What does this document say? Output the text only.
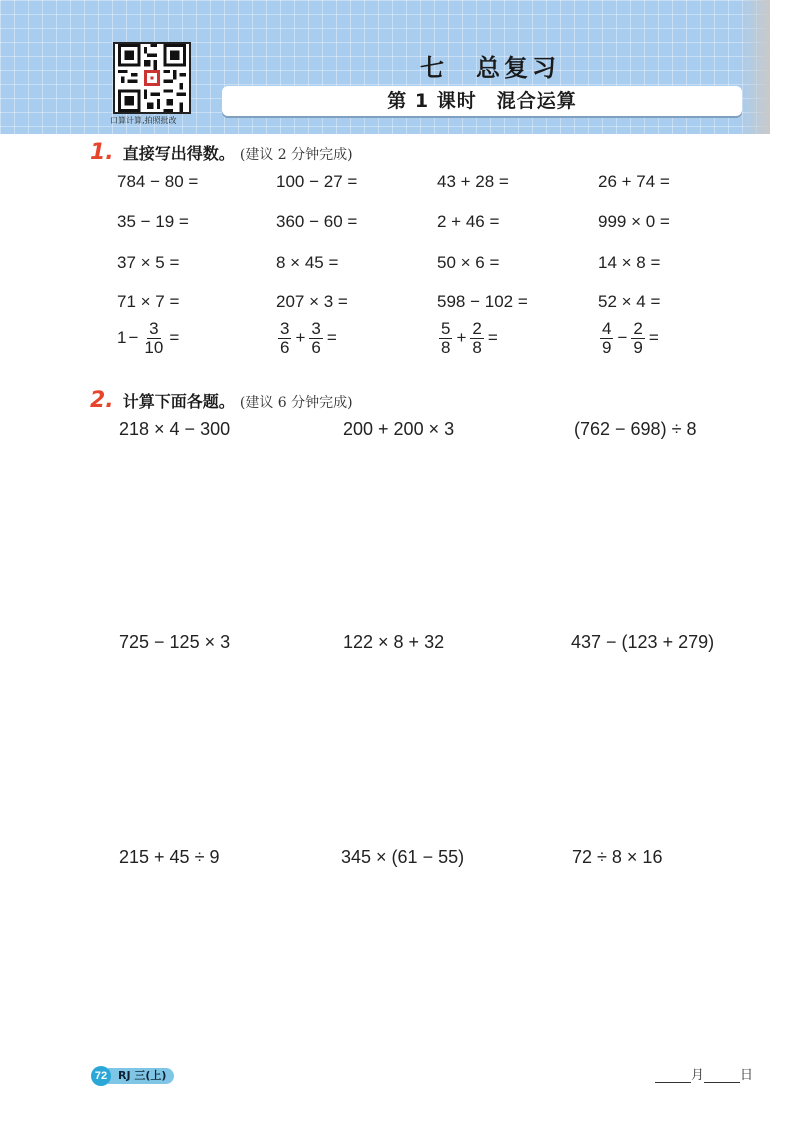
口算计算,拍照批改
七　总复习
第 1 课时　混合运算
1. 直接写出得数。 (建议 2 分钟完成)
784 − 80 =	100 − 27 =	43 + 28 =	26 + 74 =
35 − 19 =	360 − 60 =	2 + 46 =	999 × 0 =
37 × 5 =	8 × 45 =	50 × 6 =	14 × 8 =
71 × 7 =	207 × 3 =	598 − 102 =	52 × 4 =
$1 - \frac{3}{10}$ =	$\frac{3}{6} + \frac{3}{6}$ =	$\frac{5}{8} + \frac{2}{8}$ =	$\frac{4}{9} - \frac{2}{9}$ =
2. 计算下面各题。 (建议 6 分钟完成)
218 × 4 − 300	200 + 200 × 3	(762 − 698) ÷ 8
725 − 125 × 3	122 × 8 + 32	437 − (123 + 279)
215 + 45 ÷ 9	345 × (61 − 55)	72 ÷ 8 × 16
RJ 三(上)
72	月	日
